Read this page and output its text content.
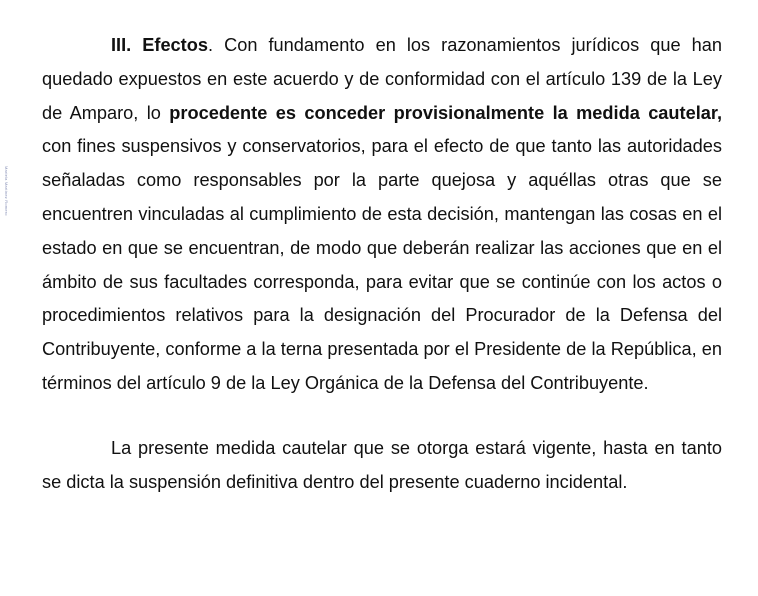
Mariela Martínez Romero

III. Efectos. Con fundamento en los razonamientos jurídicos que han quedado expuestos en este acuerdo y de conformidad con el artículo 139 de la Ley de Amparo, lo procedente es conceder provisionalmente la medida cautelar, con fines suspensivos y conservatorios, para el efecto de que tanto las autoridades señaladas como responsables por la parte quejosa y aquéllas otras que se encuentren vinculadas al cumplimiento de esta decisión, mantengan las cosas en el estado en que se encuentran, de modo que deberán realizar las acciones que en el ámbito de sus facultades corresponda, para evitar que se continúe con los actos o procedimientos relativos para la designación del Procurador de la Defensa del Contribuyente, conforme a la terna presentada por el Presidente de la República, en términos del artículo 9 de la Ley Orgánica de la Defensa del Contribuyente.

La presente medida cautelar que se otorga estará vigente, hasta en tanto se dicta la suspensión definitiva dentro del presente cuaderno incidental.
